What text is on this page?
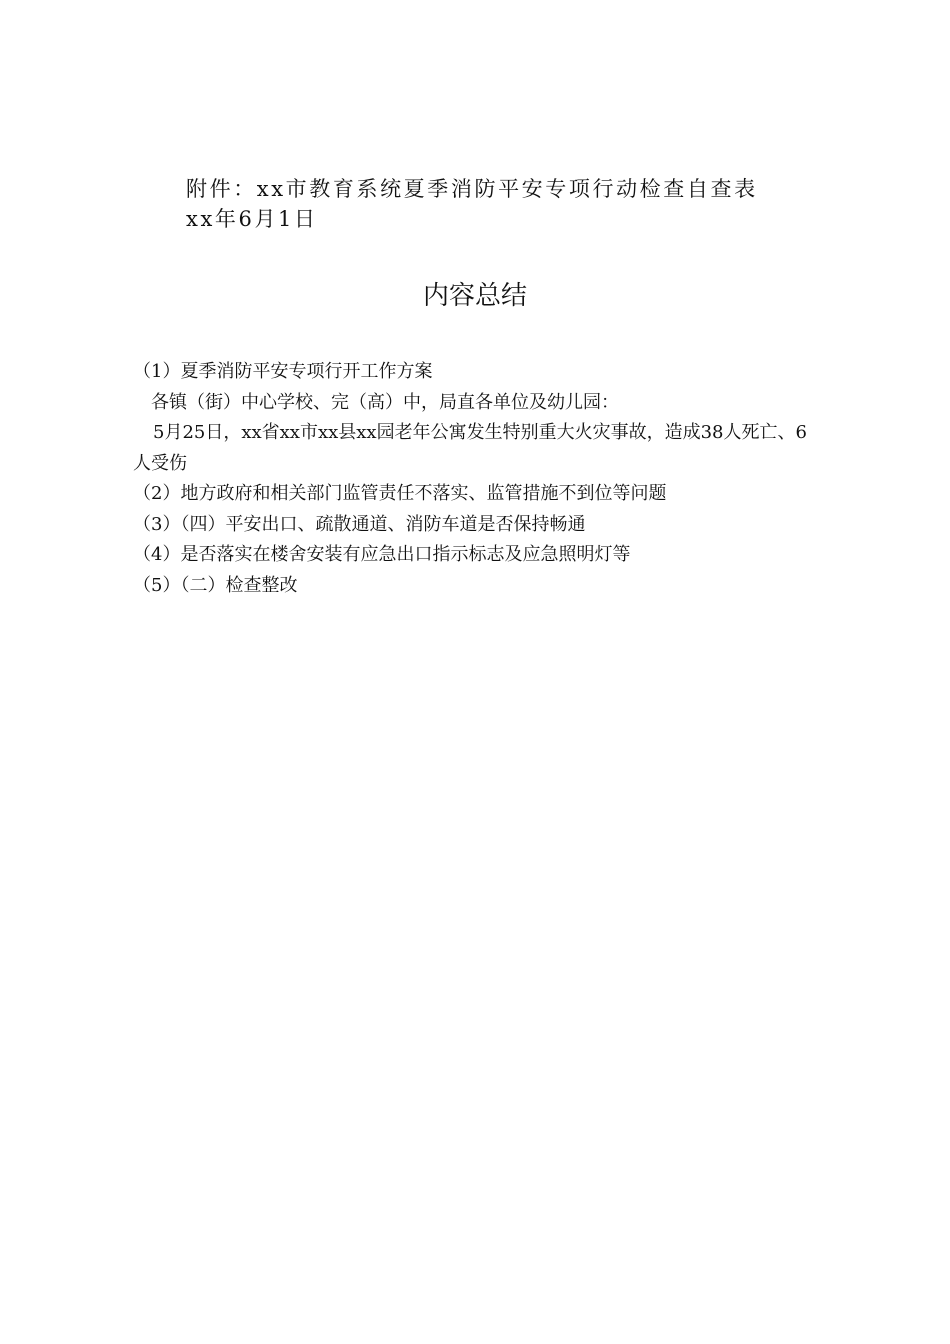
附件：xx市教育系统夏季消防平安专项行动检查自查表
xx年6月1日
内容总结

（1）夏季消防平安专项行开工作方案

各镇（街）中心学校、完（高）中，局直各单位及幼儿园：

5月25日，xx省xx市xx县xx园老年公寓发生特别重大火灾事故，造成38人死亡、6人受伤

（2）地方政府和相关部门监管责任不落实、监管措施不到位等问题

（3）（四）平安出口、疏散通道、消防车道是否保持畅通

（4）是否落实在楼舍安装有应急出口指示标志及应急照明灯等

（5）（二）检查整改
